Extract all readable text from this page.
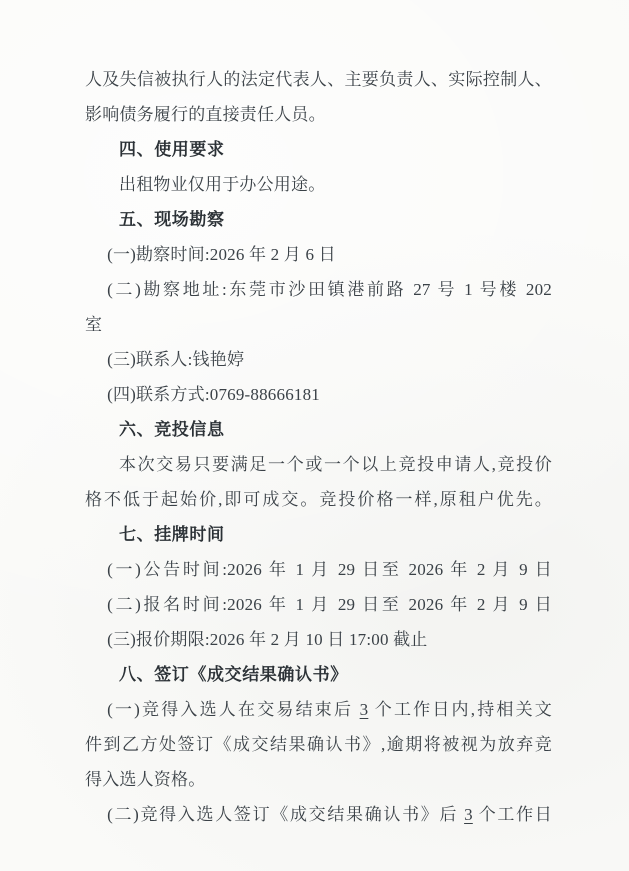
人及失信被执行人的法定代表人、主要负责人、实际控制人、
影响债务履行的直接责任人员。
四、使用要求
出租物业仅用于办公用途。
五、现场勘察
(一)勘察时间:2026 年 2 月 6 日
(二)勘察地址:东莞市沙田镇港前路 27 号 1 号楼 202
室
(三)联系人:钱艳婷
(四)联系方式:0769-88666181
六、竞投信息
本次交易只要满足一个或一个以上竞投申请人,竞投价
格不低于起始价,即可成交。竞投价格一样,原租户优先。
七、挂牌时间
(一)公告时间:2026 年 1 月 29 日至 2026 年 2 月 9 日
(二)报名时间:2026 年 1 月 29 日至 2026 年 2 月 9 日
(三)报价期限:2026 年 2 月 10 日 17:00 截止
八、签订《成交结果确认书》
(一)竞得入选人在交易结束后 3 个工作日内,持相关文
件到乙方处签订《成交结果确认书》,逾期将被视为放弃竞
得入选人资格。
(二)竞得入选人签订《成交结果确认书》后 3 个工作日
